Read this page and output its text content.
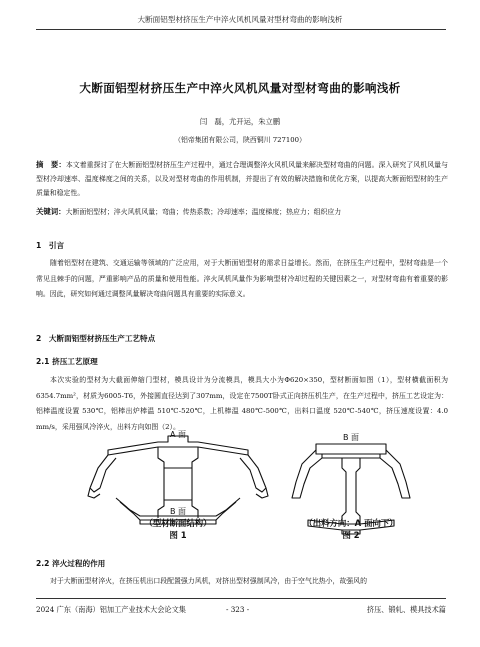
大断面铝型材挤压生产中淬火风机风量对型材弯曲的影响浅析
大断面铝型材挤压生产中淬火风机风量对型材弯曲的影响浅析
闫　磊，尤开运，朱立鹏
（铝帝集团有限公司，陕西铜川 727100）
摘　要：本文着重探讨了在大断面铝型材挤压生产过程中，通过合理调整淬火风机风量来解决型材弯曲的问题。深入研究了风机风量与型材冷却速率、温度梯度之间的关系，以及对型材弯曲的作用机制，并提出了有效的解决措施和优化方案，以提高大断面铝型材的生产质量和稳定性。
关键词：大断面铝型材；淬火风机风量；弯曲；传热系数；冷却速率；温度梯度；热应力；组织应力
1　引言
随着铝型材在建筑、交通运输等领域的广泛应用，对于大断面铝型材的需求日益增长。然而，在挤压生产过程中，型材弯曲是一个常见且棘手的问题，严重影响产品的质量和使用性能。淬火风机风量作为影响型材冷却过程的关键因素之一，对型材弯曲有着重要的影响。因此，研究如何通过调整风量解决弯曲问题具有重要的实际意义。
2　大断面铝型材挤压生产工艺特点
2.1 挤压工艺原理
本次实验的型材为大截面伸缩门型材，模具设计为分流模具，模具大小为Φ620×350，型材断面如图（1），型材横截面积为6354.7mm²，材质为6005-T6，外接圆直径达到了307mm，设定在7500T卧式正向挤压机生产，在生产过程中，挤压工艺设定为：铝棒温度设置 530℃，铝棒出炉棒温 510℃-520℃，上机棒温 480℃-500℃，出料口温度 520℃-540℃，挤压速度设置：4.0 mm/s，采用强风冷淬火，出料方向如图（2）。
A 面
B 面
（型材断面结构）
图 1
B 面
（出料方向：A 面向下）
图 2
2.2 淬火过程的作用
对于大断面型材淬火，在挤压机出口段配置强力风机，对挤出型材强制风冷，由于空气比热小，故强风的
2024 广东（南海）铝加工产业技术大会论文集	- 323 -	挤压、锻轧、模具技术篇
